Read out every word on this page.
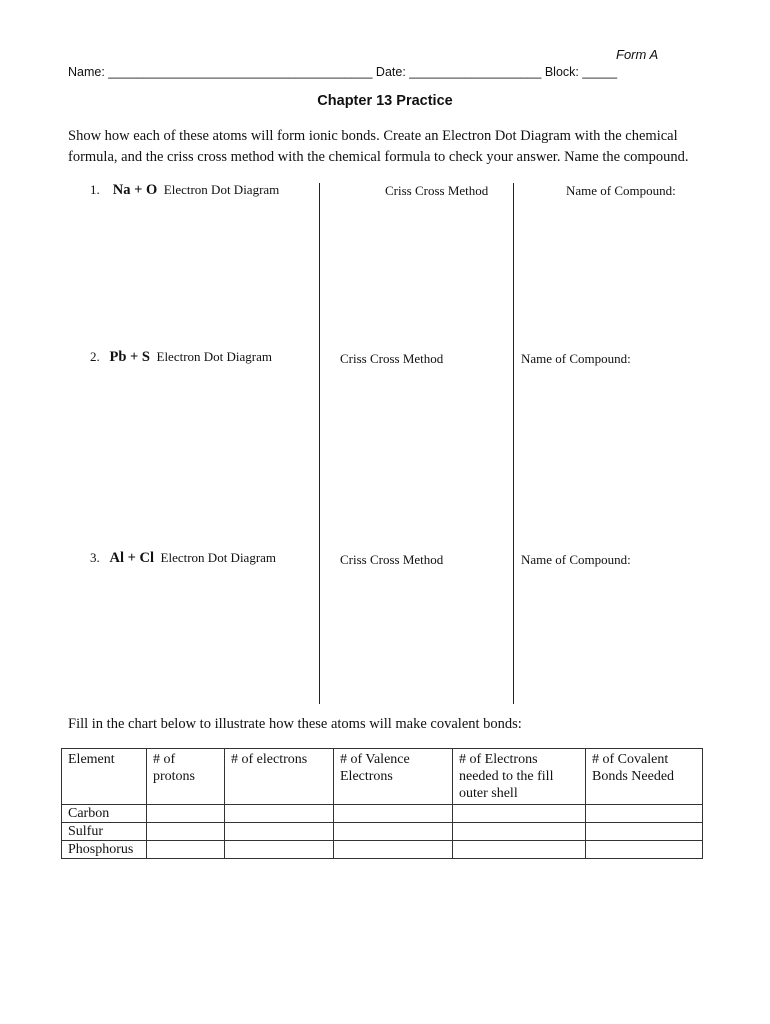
Form A
Name: ______________________________________ Date: ___________________ Block: _____
Chapter 13 Practice
Show how each of these atoms will form ionic bonds. Create an Electron Dot Diagram with the chemical formula, and the criss cross method with the chemical formula to check your answer. Name the compound.
1. Na + O Electron Dot Diagram	Criss Cross Method	Name of Compound:
2. Pb + S Electron Dot Diagram	Criss Cross Method	Name of Compound:
3. Al + Cl Electron Dot Diagram	Criss Cross Method	Name of Compound:
Fill in the chart below to illustrate how these atoms will make covalent bonds:
Element	# of protons	# of electrons	# of Valence Electrons	# of Electrons needed to the fill outer shell	# of Covalent Bonds Needed
Carbon					
Sulfur					
Phosphorus					
